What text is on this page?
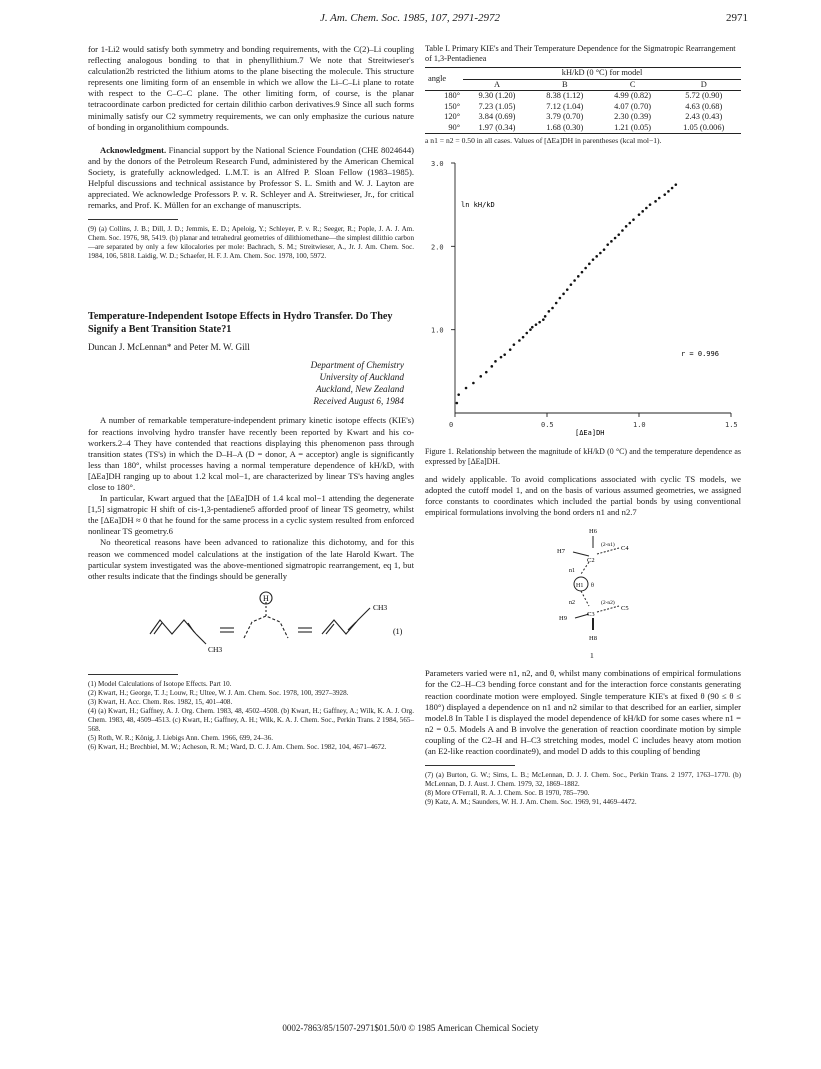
J. Am. Chem. Soc. 1985, 107, 2971-2972	2971

for 1-Li2 would satisfy both symmetry and bonding requirements, with the C(2)–Li coupling reflecting analogous bonding to that in phenyllithium.7 We note that Streitwieser's calculation2b restricted the lithium atoms to the plane bisecting the molecule. This structure represents one limiting form of an ensemble in which we allow the Li–C–Li plane to rotate with respect to the C–C–C plane. The other limiting form, of course, is the planar tetracoordinate carbon predicted for certain dilithio carbon derivatives.9 Since all such forms minimally satisfy our C2 symmetry requirements, we can only emphasize the curious nature of bonding in organolithium compounds.

Acknowledgment. Financial support by the National Science Foundation (CHE 8024644) and by the donors of the Petroleum Research Fund, administered by the American Chemical Society, is gratefully acknowledged. L.M.T. is an Alfred P. Sloan Fellow (1983–1985). Helpful discussions and technical assistance by Professor S. L. Smith and W. J. Layton are appreciated. We acknowledge Professors P. v. R. Schleyer and A. Streitwieser, Jr., for critical remarks, and Prof. K. Müllen for an exchange of manuscripts.

(9) (a) Collins, J. B.; Dill, J. D.; Jemmis, E. D.; Apeloig, Y.; Schleyer, P. v. R.; Seeger, R.; Pople, J. A. J. Am. Chem. Soc. 1976, 98, 5419. (b) planar and tetrahedral geometries of dilithiomethane—the simplest dilithio carbon—are separated by only a few kilocalories per mole: Bachrach, S. M.; Streitwieser, A., Jr. J. Am. Chem. Soc. 1984, 106, 5818. Laidig, W. D.; Schaefer, H. F. J. Am. Chem. Soc. 1978, 100, 5972.

Temperature-Independent Isotope Effects in Hydro Transfer. Do They Signify a Bent Transition State?1

Duncan J. McLennan* and Peter M. W. Gill

Department of Chemistry
University of Auckland
Auckland, New Zealand
Received August 6, 1984

A number of remarkable temperature-independent primary kinetic isotope effects (KIE's) for reactions involving hydro transfer have recently been reported by Kwart and his co-workers.2–4 They have contended that reactions displaying this phenomenon pass through transition states (TS's) in which the D–H–A (D = donor, A = acceptor) angle is significantly less than 180°, whilst processes having a normal temperature dependence of kH/kD, with [ΔEa]DH ranging up to about 1.2 kcal mol−1, are characterized by linear TS's having angles close to 180°.

In particular, Kwart argued that the [ΔEa]DH of 1.4 kcal mol−1 attending the degenerate [1,5] sigmatropic H shift of cis-1,3-pentadiene5 afforded proof of linear TS geometry, whilst the [ΔEa]DH ≈ 0 that he found for the same process in a cyclic system resulted from enforced nonlinear TS geometry.6

No theoretical reasons have been advanced to rationalize this dichotomy, and for this reason we commenced model calculations at the instigation of the late Harold Kwart. The particular system investigated was the above-mentioned sigmatropic rearrangement, eq 1, but other results indicate that the findings should be generally

H
CH3
CH3
(1)

(1) Model Calculations of Isotope Effects. Part 10.

(2) Kwart, H.; George, T. J.; Louw, R.; Ultee, W. J. Am. Chem. Soc. 1978, 100, 3927–3928.

(3) Kwart, H. Acc. Chem. Res. 1982, 15, 401–408.

(4) (a) Kwart, H.; Gaffney, A. J. Org. Chem. 1983, 48, 4502–4508. (b) Kwart, H.; Gaffney, A.; Wilk, K. A. J. Org. Chem. 1983, 48, 4509–4513. (c) Kwart, H.; Gaffney, A. H.; Wilk, K. A. J. Chem. Soc., Perkin Trans. 2 1984, 565–568.

(5) Roth, W. R.; König, J. Liebigs Ann. Chem. 1966, 699, 24–36.

(6) Kwart, H.; Brechbiel, M. W.; Acheson, R. M.; Ward, D. C. J. Am. Chem. Soc. 1982, 104, 4671–4672.

Table I. Primary KIE's and Their Temperature Dependence for the Sigmatropic Rearrangement of 1,3-Pentadienea

angle	kH/kD (0 °C) for model			
	A	B	C	D
180°	9.30 (1.20)	8.38 (1.12)	4.99 (0.82)	5.72 (0.90)
150°	7.23 (1.05)	7.12 (1.04)	4.07 (0.70)	4.63 (0.68)
120°	3.84 (0.69)	3.79 (0.70)	2.30 (0.39)	2.43 (0.43)
90°	1.97 (0.34)	1.68 (0.30)	1.21 (0.05)	1.05 (0.006)

a n1 = n2 = 0.50 in all cases. Values of [ΔEa]DH in parentheses (kcal mol−1).

0	0.5	1.0	1.5
1.0
2.0
3.0
ln kH/kD
r = 0.996
[ΔEa]DH

Figure 1. Relationship between the magnitude of kH/kD (0 °C) and the temperature dependence as expressed by [ΔEa]DH.

and widely applicable. To avoid complications associated with cyclic TS models, we adopted the cutoff model 1, and on the basis of various assumed geometries, we assigned force constants to coordinates which included the partial bonds by using conventional empirical formulations involving the bond orders n1 and n2.7

H6
H7
C2
C4
(2-n1)
n1
H1 θ
n2	(2-n2)
C3
C5
H9
H8
1

Parameters varied were n1, n2, and θ, whilst many combinations of empirical formulations for the C2–H–C3 bending force constant and for the interaction force constants generating reaction coordinate motion were employed. Single temperature KIE's at fixed θ (90 ≤ θ ≤ 180°) displayed a dependence on n1 and n2 similar to that described for an earlier, simpler model.8 In Table I is displayed the model dependence of kH/kD for some cases where n1 = n2 = 0.5. Models A and B involve the generation of reaction coordinate motion by simple coupling of the C2–H and H–C3 stretching modes, model C includes heavy atom motion (an E2-like reaction coordinate9), and model D adds to this coupling of bending

(7) (a) Burton, G. W.; Sims, L. B.; McLennan, D. J. J. Chem. Soc., Perkin Trans. 2 1977, 1763–1770. (b) McLennan, D. J. Aust. J. Chem. 1979, 32, 1869–1882.

(8) More O'Ferrall, R. A. J. Chem. Soc. B 1970, 785–790.

(9) Katz, A. M.; Saunders, W. H. J. Am. Chem. Soc. 1969, 91, 4469–4472.

0002-7863/85/1507-2971$01.50/0 © 1985 American Chemical Society
